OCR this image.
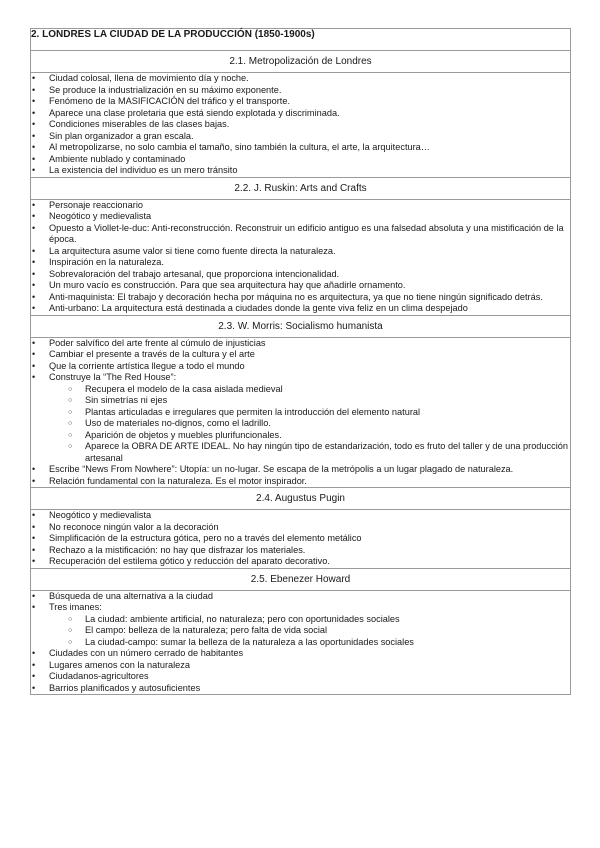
2. LONDRES LA CIUDAD DE LA PRODUCCIÓN (1850-1900s)
2.1. Metropolización de Londres

• Ciudad colosal, llena de movimiento día y noche.
• Se produce la industrialización en su máximo exponente.
• Fenómeno de la MASIFICACIÓN del tráfico y el transporte.
• Aparece una clase proletaria que está siendo explotada y discriminada.
• Condiciones miserables de las clases bajas.
• Sin plan organizador a gran escala.
• Al metropolizarse, no solo cambia el tamaño, sino también la cultura, el arte, la arquitectura…
• Ambiente nublado y contaminado
• La existencia del individuo es un mero tránsito

2.2. J. Ruskin: Arts and Crafts

• Personaje reaccionario
• Neogótico y medievalista
• Opuesto a Viollet-le-duc: Anti-reconstrucción. Reconstruir un edificio antiguo es una falsedad absoluta y una mistificación de la época.
• La arquitectura asume valor si tiene como fuente directa la naturaleza.
• Inspiración en la naturaleza.
• Sobrevaloración del trabajo artesanal, que proporciona intencionalidad.
• Un muro vacío es construcción. Para que sea arquitectura hay que añadirle ornamento.
• Anti-maquinista: El trabajo y decoración hecha por máquina no es arquitectura, ya que no tiene ningún significado detrás.
• Anti-urbano: La arquitectura está destinada a ciudades donde la gente viva feliz en un clima despejado

2.3. W. Morris: Socialismo humanista

• Poder salvífico del arte frente al cúmulo de injusticias
• Cambiar el presente a través de la cultura y el arte
• Que la corriente artística llegue a todo el mundo
• Construye la “The Red House”:
○ Recupera el modelo de la casa aislada medieval
○ Sin simetrías ni ejes
○ Plantas articuladas e irregulares que permiten la introducción del elemento natural
○ Uso de materiales no-dignos, como el ladrillo.
○ Aparición de objetos y muebles plurifuncionales.
○ Aparece la OBRA DE ARTE IDEAL. No hay ningún tipo de estandarización, todo es fruto del taller y de una producción artesanal
• Escribe “News From Nowhere”: Utopía: un no-lugar. Se escapa de la metrópolis a un lugar plagado de naturaleza.
• Relación fundamental con la naturaleza. Es el motor inspirador.

2.4. Augustus Pugin

• Neogótico y medievalista
• No reconoce ningún valor a la decoración
• Simplificación de la estructura gótica, pero no a través del elemento metálico
• Rechazo a la mistificación: no hay que disfrazar los materiales.
• Recuperación del estilema gótico y reducción del aparato decorativo.

2.5. Ebenezer Howard

• Búsqueda de una alternativa a la ciudad
• Tres imanes:
○ La ciudad: ambiente artificial, no naturaleza; pero con oportunidades sociales
○ El campo: belleza de la naturaleza; pero falta de vida social
○ La ciudad-campo: sumar la belleza de la naturaleza a las oportunidades sociales
• Ciudades con un número cerrado de habitantes
• Lugares amenos con la naturaleza
• Ciudadanos-agricultores
• Barrios planificados y autosuficientes
